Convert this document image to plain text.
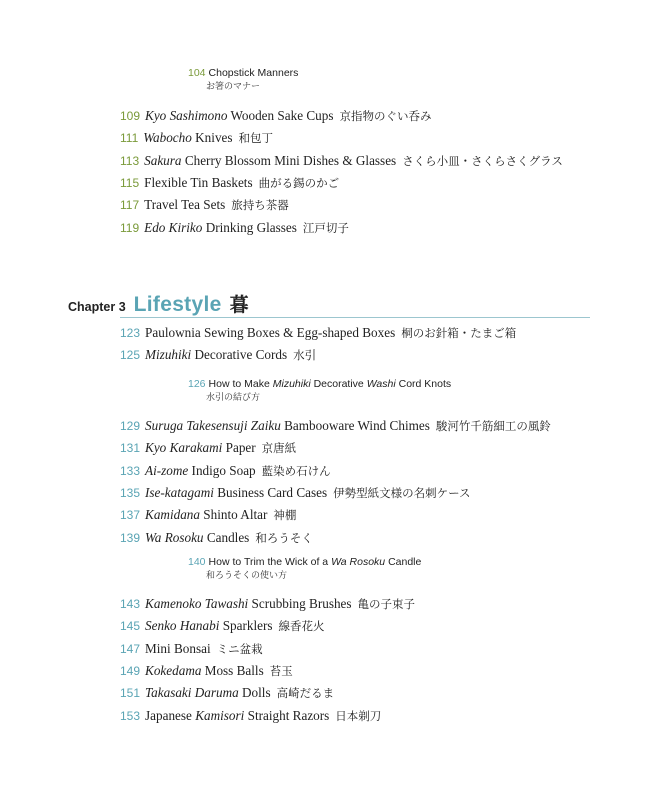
104 Chopstick Manners
お箸のマナー
109 Kyo Sashimono Wooden Sake Cups 京指物のぐい呑み
111 Wabocho Knives 和包丁
113 Sakura Cherry Blossom Mini Dishes & Glasses さくら小皿・さくらさくグラス
115 Flexible Tin Baskets 曲がる錫のかご
117 Travel Tea Sets 旅持ち茶器
119 Edo Kiriko Drinking Glasses 江戸切子
Chapter 3 Lifestyle 暮
123 Paulownia Sewing Boxes & Egg-shaped Boxes 桐のお針箱・たまご箱
125 Mizuhiki Decorative Cords 水引
126 How to Make Mizuhiki Decorative Washi Cord Knots
水引の結び方
129 Suruga Takesensuji Zaiku Bambooware Wind Chimes 駿河竹千筋細工の風鈴
131 Kyo Karakami Paper 京唐紙
133 Ai-zome Indigo Soap 藍染め石けん
135 Ise-katagami Business Card Cases 伊勢型紙文様の名刺ケース
137 Kamidana Shinto Altar 神棚
139 Wa Rosoku Candles 和ろうそく
140 How to Trim the Wick of a Wa Rosoku Candle
和ろうそくの使い方
143 Kamenoko Tawashi Scrubbing Brushes 亀の子束子
145 Senko Hanabi Sparklers 線香花火
147 Mini Bonsai ミニ盆栽
149 Kokedama Moss Balls 苔玉
151 Takasaki Daruma Dolls 高崎だるま
153 Japanese Kamisori Straight Razors 日本剃刀
